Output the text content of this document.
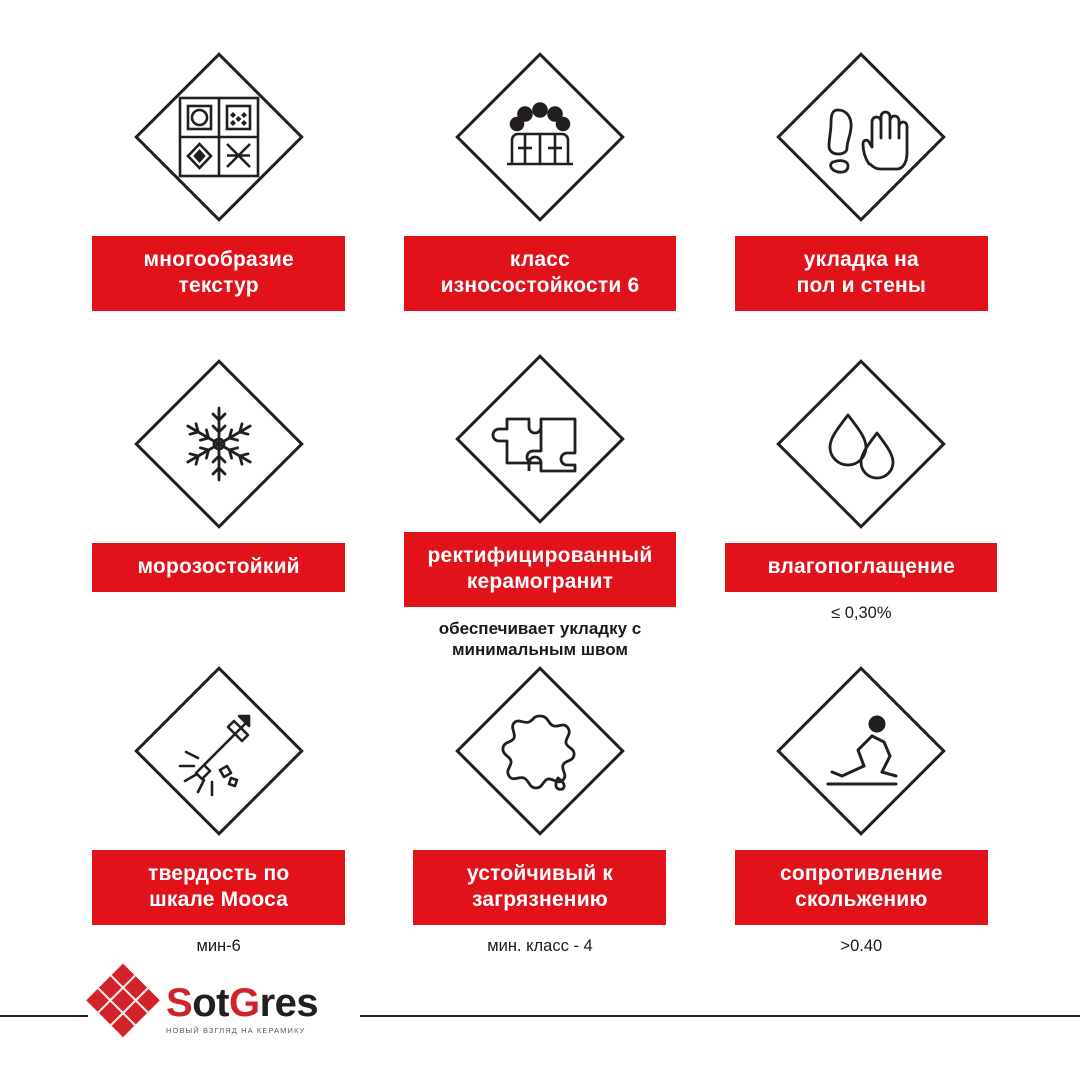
многообразие
текстур
класс
износостойкости 6
укладка на
пол и стены
морозостойкий	ректифицированный
керамогранит
обеспечивает укладку с
минимальным швом
влагопоглащение
≤ 0,30%
твердость по
шкале Мооса
мин-6
устойчивый к
загрязнению
мин. класс - 4
сопротивление
скольжению
>0.40
SotGres
НОВЫЙ ВЗГЛЯД НА КЕРАМИКУ
